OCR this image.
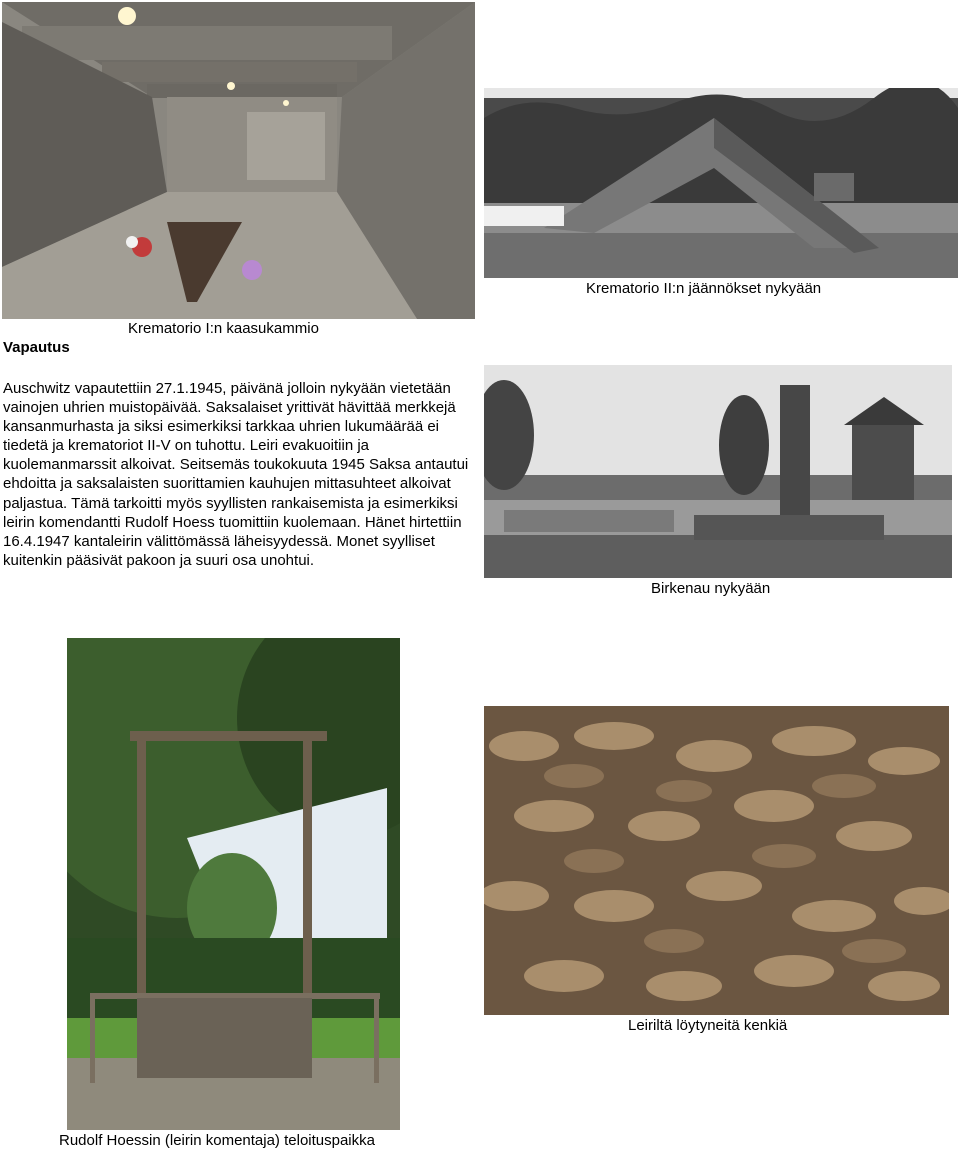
Krematorio I:n kaasukammio
Krematorio II:n jäännökset nykyään
Vapautus

Auschwitz vapautettiin 27.1.1945, päivänä jolloin nykyään vietetään vainojen uhrien muistopäivää. Saksalaiset yrittivät hävittää merkkejä kansanmurhasta ja siksi esimerkiksi tarkkaa uhrien lukumäärää ei tiedetä ja krematoriot II-V on tuhottu. Leiri evakuoitiin ja kuolemanmarssit alkoivat. Seitsemäs toukokuuta 1945 Saksa antautui ehdoitta ja saksalaisten suorittamien kauhujen mittasuhteet alkoivat paljastua. Tämä tarkoitti myös syyllisten rankaisemista ja esimerkiksi leirin komendantti Rudolf Hoess tuomittiin kuolemaan. Hänet hirtettiin 16.4.1947 kantaleirin välittömässä läheisyydessä. Monet syylliset kuitenkin pääsivät pakoon ja suuri osa unohtui.

Birkenau nykyään
Rudolf Hoessin (leirin komentaja) teloituspaikka
Leiriltä löytyneitä kenkiä
